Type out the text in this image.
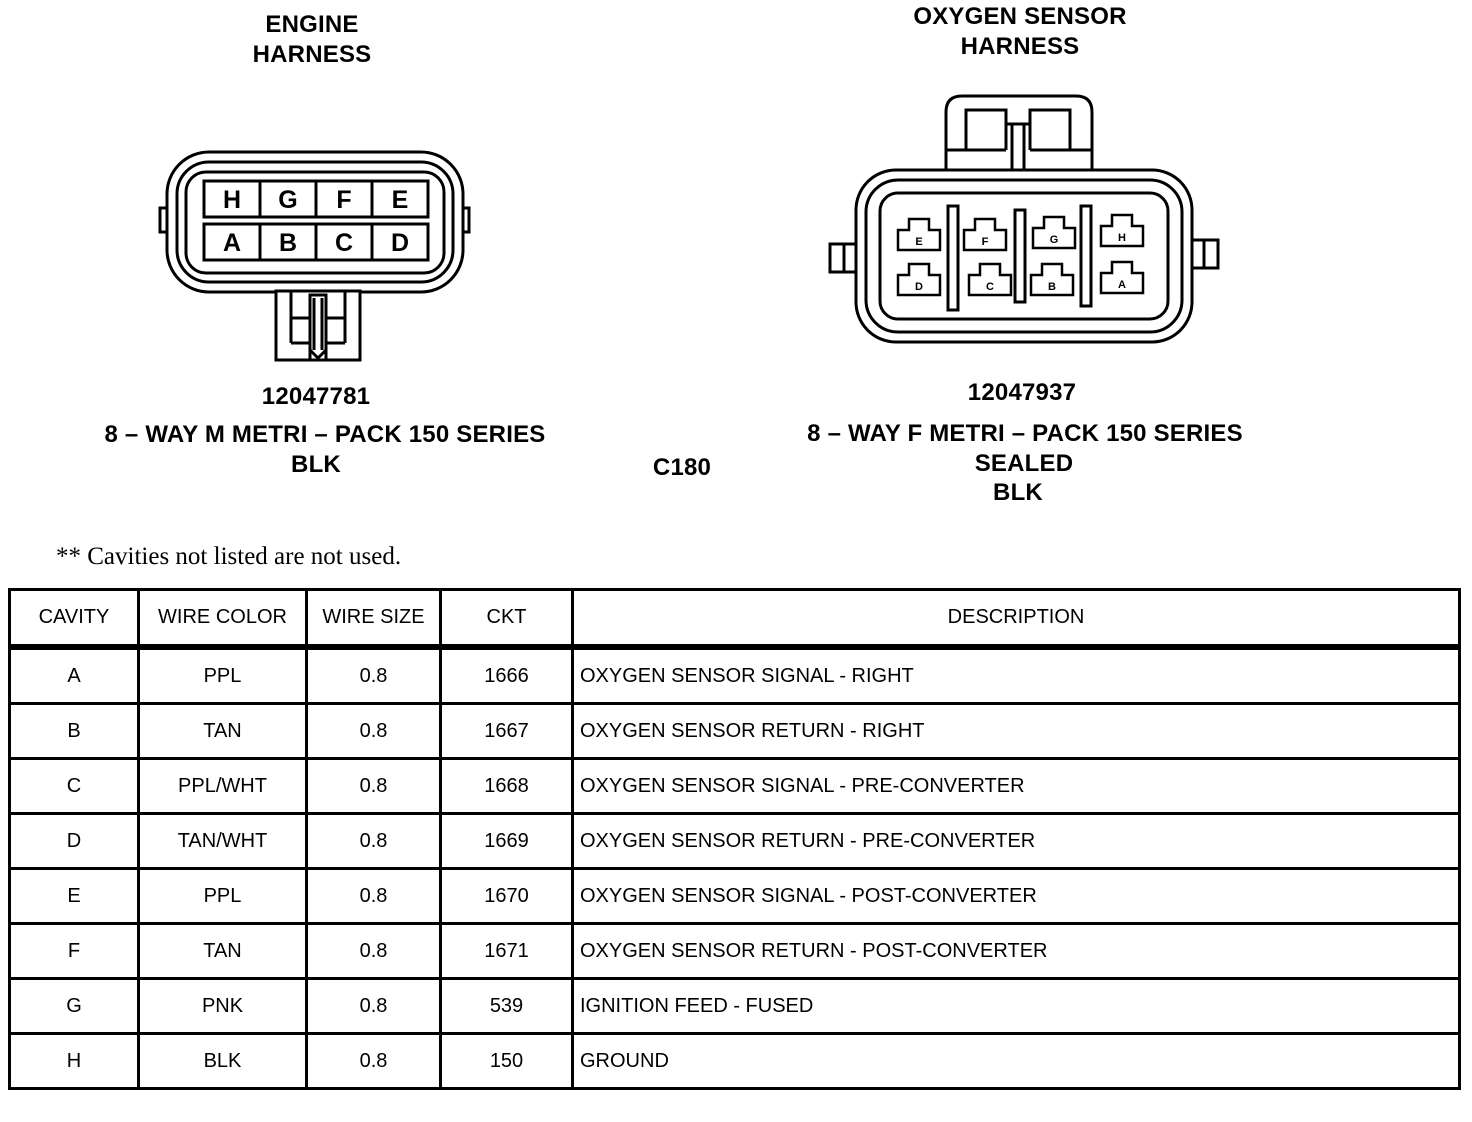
ENGINE
HARNESS
OXYGEN SENSOR
HARNESS
H G F E
A B C D	E	F	G	H
D	C	B	A
12047781
8 – WAY M METRI – PACK 150 SERIES
BLK	C180
12047937
8 – WAY F METRI – PACK 150 SERIES
SEALED
BLK
** Cavities not listed are not used.
CAVITY	WIRE COLOR	WIRE SIZE	CKT	DESCRIPTION
A	PPL	0.8	1666	OXYGEN SENSOR SIGNAL - RIGHT
B	TAN	0.8	1667	OXYGEN SENSOR RETURN - RIGHT
C	PPL/WHT	0.8	1668	OXYGEN SENSOR SIGNAL - PRE-CONVERTER
D	TAN/WHT	0.8	1669	OXYGEN SENSOR RETURN - PRE-CONVERTER
E	PPL	0.8	1670	OXYGEN SENSOR SIGNAL - POST-CONVERTER
F	TAN	0.8	1671	OXYGEN SENSOR RETURN - POST-CONVERTER
G	PNK	0.8	539	IGNITION FEED - FUSED
H	BLK	0.8	150	GROUND
